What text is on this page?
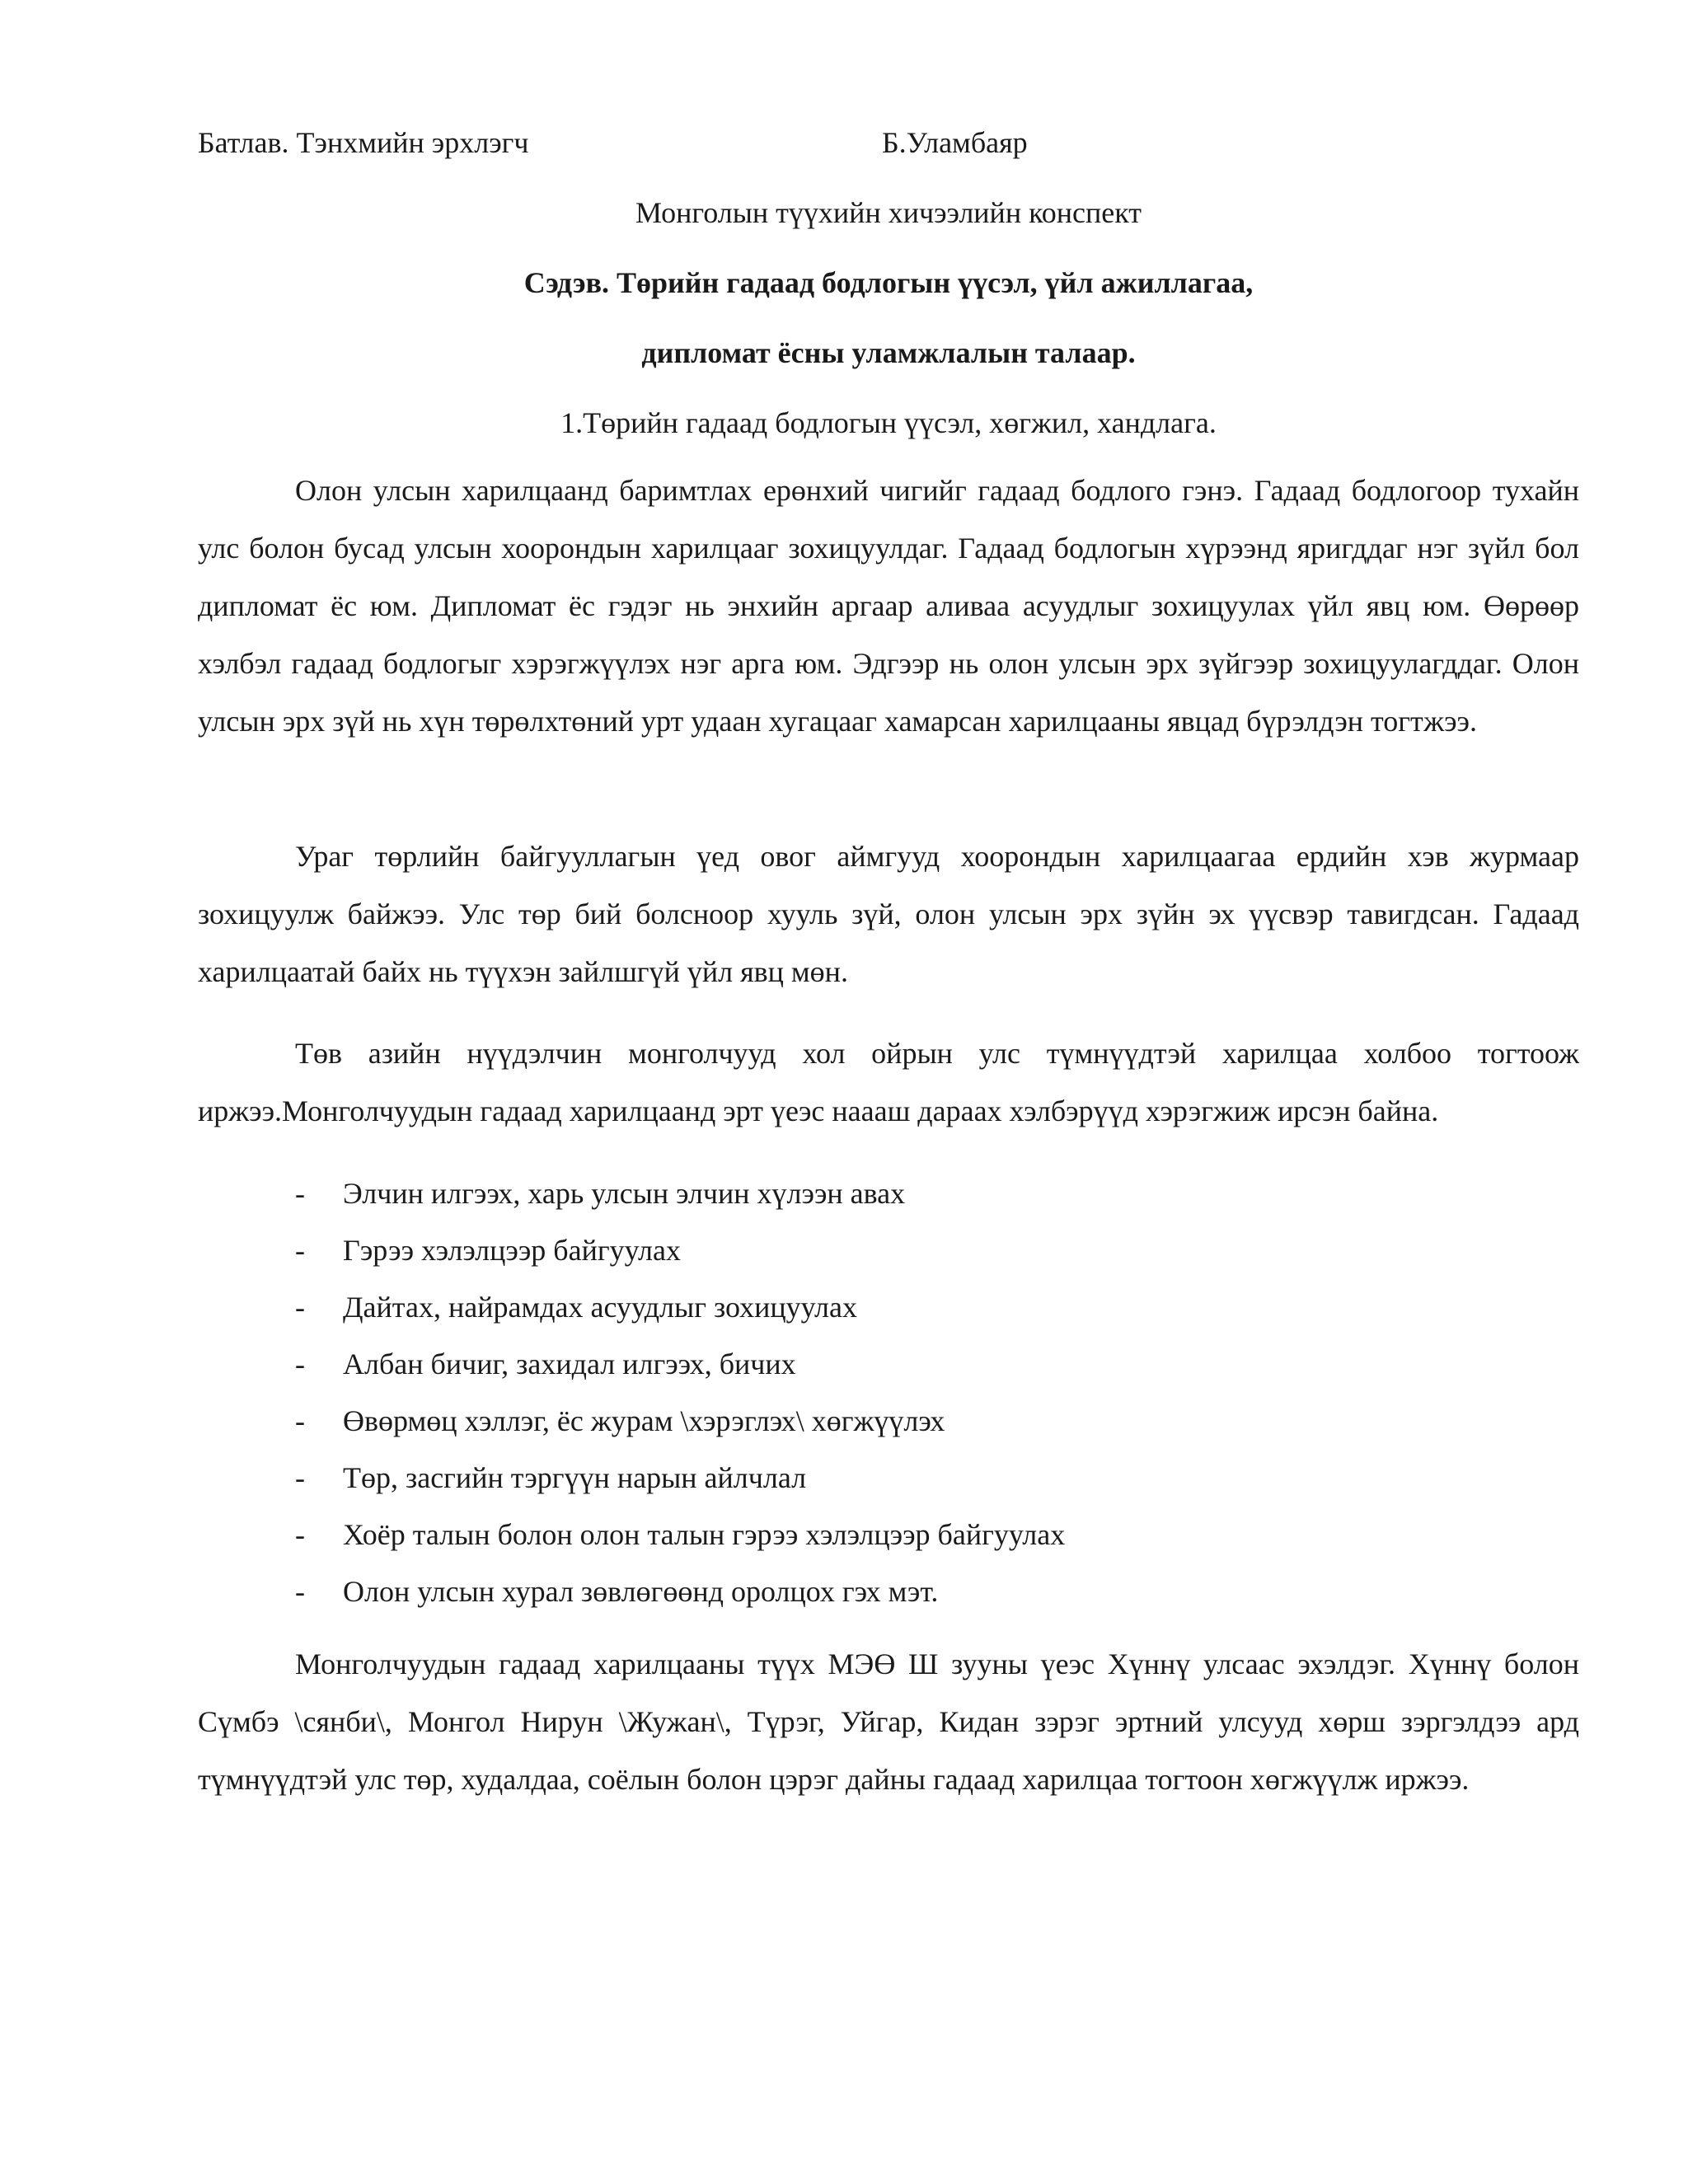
Батлав. Тэнхмийн эрхлэгч	Б.Уламбаяр
Монголын түүхийн хичээлийн конспект
Сэдэв. Төрийн гадаад бодлогын үүсэл, үйл ажиллагаа,
дипломат ёсны уламжлалын талаар.
1.Төрийн гадаад бодлогын үүсэл, хөгжил, хандлага.

Олон улсын харилцаанд баримтлах ерөнхий чигийг гадаад бодлого гэнэ. Гадаад бодлогоор тухайн улс болон бусад улсын хоорондын харилцааг зохицуулдаг. Гадаад бодлогын хүрээнд яригддаг нэг зүйл бол дипломат ёс юм. Дипломат ёс гэдэг нь энхийн аргаар аливаа асуудлыг зохицуулах үйл явц юм. Өөрөөр хэлбэл гадаад бодлогыг хэрэгжүүлэх нэг арга юм. Эдгээр нь олон улсын эрх зүйгээр зохицуулагддаг. Олон улсын эрх зүй нь хүн төрөлхтөний урт удаан хугацааг хамарсан харилцааны явцад бүрэлдэн тогтжээ.

Ураг төрлийн байгууллагын үед овог аймгууд хоорондын харилцаагаа ердийн хэв журмаар зохицуулж байжээ. Улс төр бий болсноор хууль зүй, олон улсын эрх зүйн эх үүсвэр тавигдсан. Гадаад харилцаатай байх нь түүхэн зайлшгүй үйл явц мөн.

Төв азийн нүүдэлчин монголчууд хол ойрын улс түмнүүдтэй харилцаа холбоо тогтоож иржээ.Монголчуудын гадаад харилцаанд эрт үеэс наааш дараах хэлбэрүүд хэрэгжиж ирсэн байна.

- Элчин илгээх, харь улсын элчин хүлээн авах
- Гэрээ хэлэлцээр байгуулах
- Дайтах, найрамдах асуудлыг зохицуулах
- Албан бичиг, захидал илгээх, бичих
- Өвөрмөц хэллэг, ёс журам \хэрэглэх\ хөгжүүлэх
- Төр, засгийн тэргүүн нарын айлчлал
- Хоёр талын болон олон талын гэрээ хэлэлцээр байгуулах
- Олон улсын хурал зөвлөгөөнд оролцох гэх мэт.

Монголчуудын гадаад харилцааны түүх МЭӨ Ш зууны үеэс Хүннү улсаас эхэлдэг. Хүннү болон Сүмбэ \сянби\, Монгол Нирун \Жужан\, Түрэг, Уйгар, Кидан зэрэг эртний улсууд хөрш зэргэлдээ ард түмнүүдтэй улс төр, худалдаа, соёлын болон цэрэг дайны гадаад харилцаа тогтоон хөгжүүлж иржээ.
